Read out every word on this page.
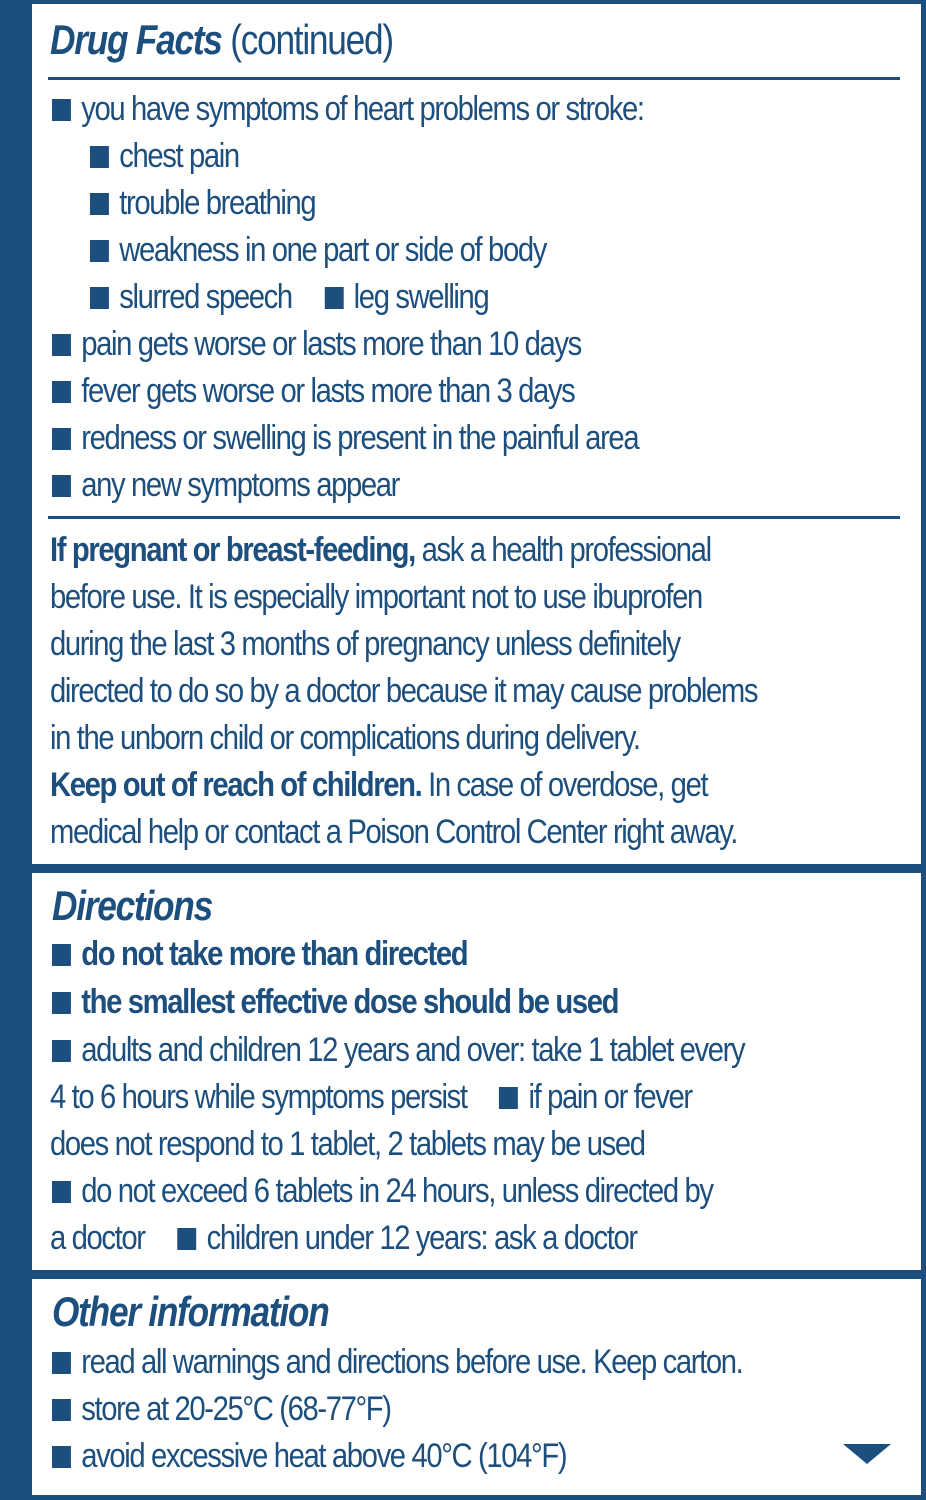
Drug Facts (continued)
you have symptoms of heart problems or stroke:
chest pain
trouble breathing
weakness in one part or side of body
slurred speech leg swelling
pain gets worse or lasts more than 10 days
fever gets worse or lasts more than 3 days
redness or swelling is present in the painful area
any new symptoms appear
If pregnant or breast-feeding, ask a health professional
before use. It is especially important not to use ibuprofen
during the last 3 months of pregnancy unless definitely
directed to do so by a doctor because it may cause problems
in the unborn child or complications during delivery.
Keep out of reach of children. In case of overdose, get
medical help or contact a Poison Control Center right away.
Directions
do not take more than directed
the smallest effective dose should be used
adults and children 12 years and over: take 1 tablet every
4 to 6 hours while symptoms persist if pain or fever
does not respond to 1 tablet, 2 tablets may be used
do not exceed 6 tablets in 24 hours, unless directed by
a doctor children under 12 years: ask a doctor
Other information
read all warnings and directions before use. Keep carton.
store at 20-25°C (68-77°F)
avoid excessive heat above 40°C (104°F)
